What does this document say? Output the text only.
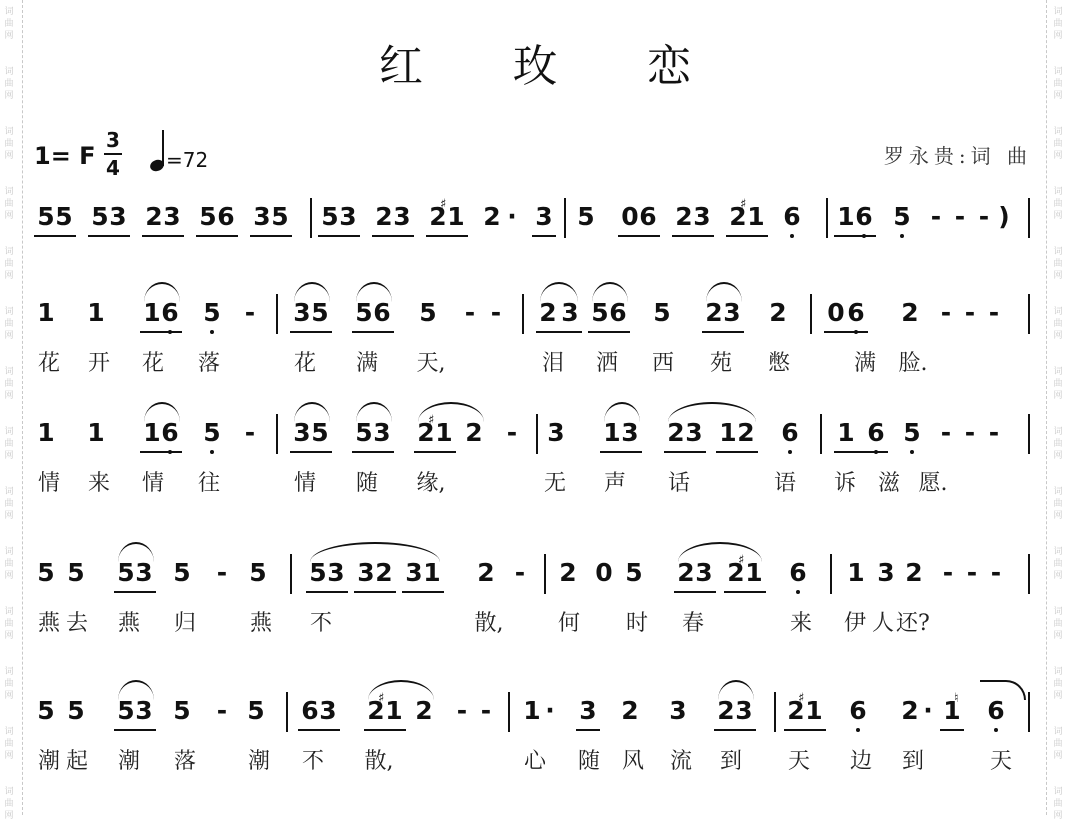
词曲网
词曲网
词曲网
词曲网
词曲网
词曲网
词曲网
词曲网
词曲网
词曲网
词曲网
词曲网
词曲网
词曲网
词曲网
词曲网
词曲网
词曲网
词曲网
词曲网
词曲网
词曲网
词曲网
词曲网
词曲网
词曲网
词曲网
词曲网
红 玫 恋
1= F
3
4 =72	罗永贵:词 曲
5 5 5 3 2 3 5 6 3 5 5 3 2 3 ♯ 2 1 2 · 3 5 0 6 2 3 ♯ 2 1 6 1 6 5 - - - )
1 1 1 6 5 - 3 5 5 6 5 - - 2 3 5 6 5 2 3 2 0 6 2 - - -
花 开 花 落	花 满 天,	泪 洒 西 苑 憋	满 脸.
1 1 1 6 5 - 3 5 5 3 ♯ 2 1 2 - 3 1 3 2 3 1 2 6 1 6 5 - - -
情 来 情 往	情 随 缘,	无 声 话	语 诉 滋 愿.
5 5 5 3 5 - 5 5 3 3 2 3 1 2 - 2 0 5 2 3 ♯ 2 1 6 1 3 2 - - -
燕 去 燕 归 燕 不	散, 何 时 春	来 伊 人 还?
5 5 5 3 5 - 5 6 3 ♯ 2 1 2 - - 1 · 3 2 3 2 3 ♯ 2 1 6 2 · ♮ 1 6
潮 起 潮 落 潮 不 散,	心 随 风 流 到 天 边 到	天
